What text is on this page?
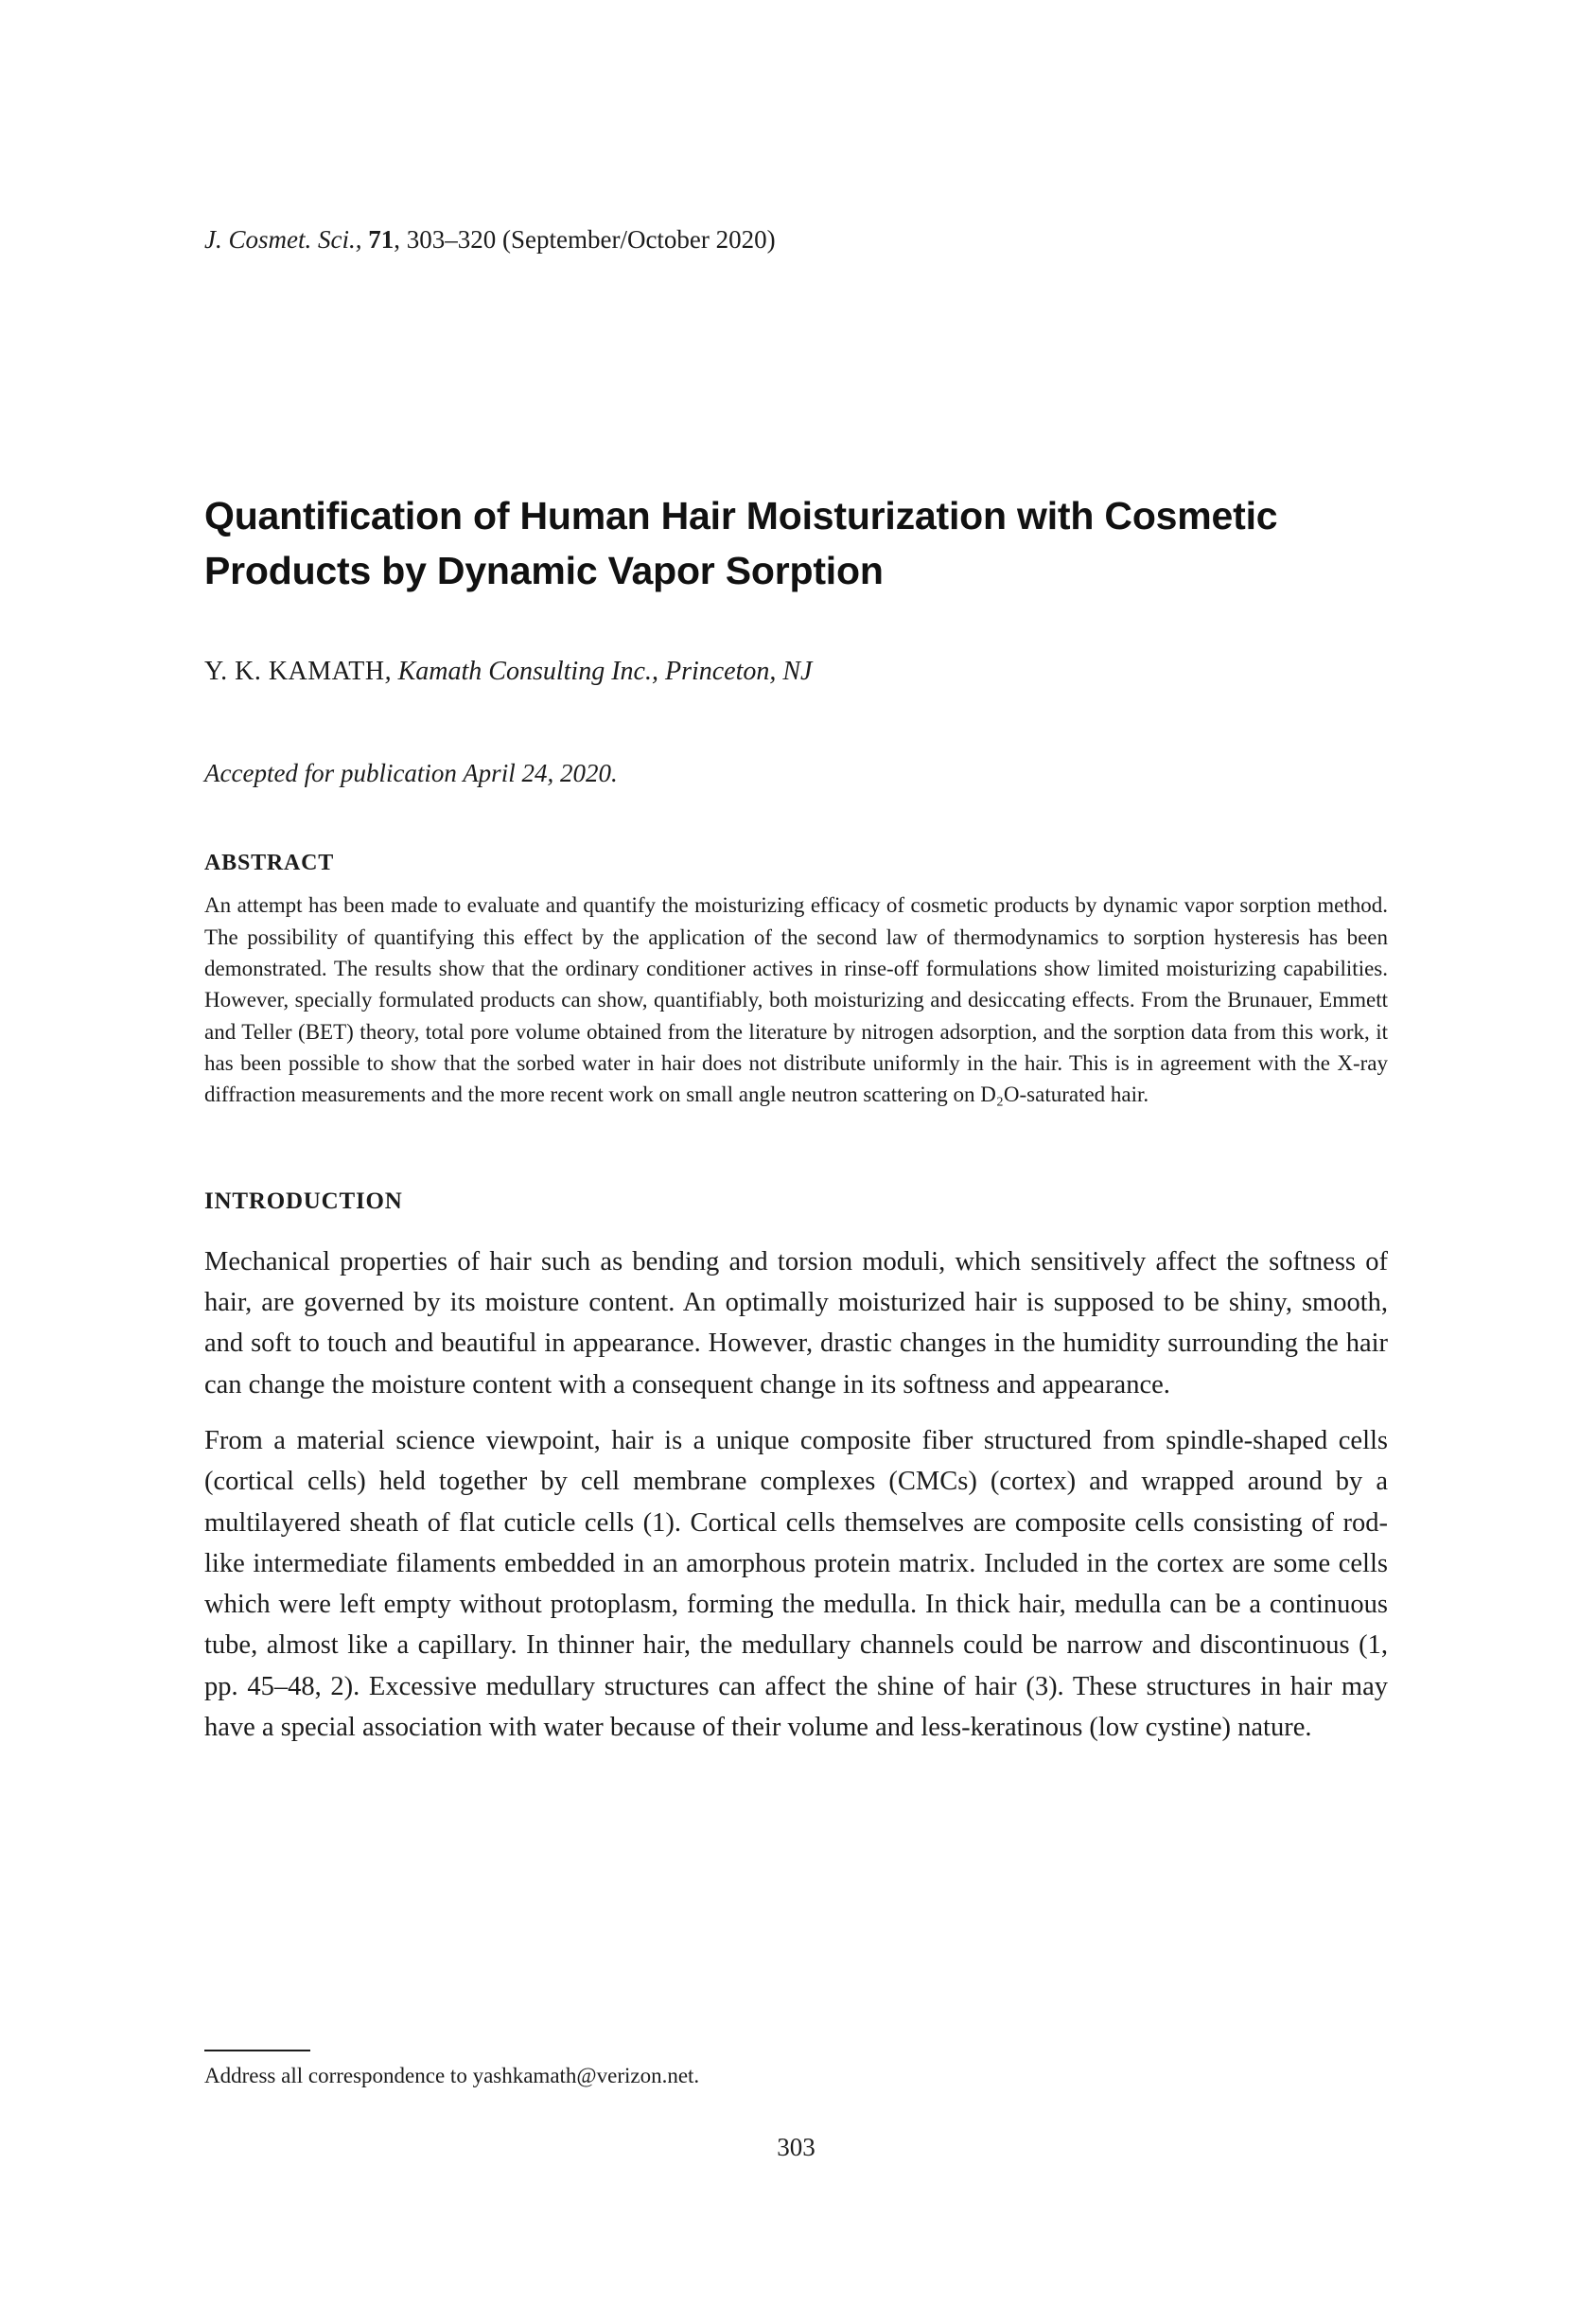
J. Cosmet. Sci., 71, 303–320 (September/October 2020)

Quantification of Human Hair Moisturization with Cosmetic Products by Dynamic Vapor Sorption

Y. K. KAMATH, Kamath Consulting Inc., Princeton, NJ

Accepted for publication April 24, 2020.

ABSTRACT

An attempt has been made to evaluate and quantify the moisturizing efficacy of cosmetic products by dynamic vapor sorption method. The possibility of quantifying this effect by the application of the second law of thermodynamics to sorption hysteresis has been demonstrated. The results show that the ordinary conditioner actives in rinse-off formulations show limited moisturizing capabilities. However, specially formulated products can show, quantifiably, both moisturizing and desiccating effects. From the Brunauer, Emmett and Teller (BET) theory, total pore volume obtained from the literature by nitrogen adsorption, and the sorption data from this work, it has been possible to show that the sorbed water in hair does not distribute uniformly in the hair. This is in agreement with the X-ray diffraction measurements and the more recent work on small angle neutron scattering on D₂O-saturated hair.

INTRODUCTION

Mechanical properties of hair such as bending and torsion moduli, which sensitively affect the softness of hair, are governed by its moisture content. An optimally moisturized hair is supposed to be shiny, smooth, and soft to touch and beautiful in appearance. However, drastic changes in the humidity surrounding the hair can change the moisture content with a consequent change in its softness and appearance.

From a material science viewpoint, hair is a unique composite fiber structured from spindle-shaped cells (cortical cells) held together by cell membrane complexes (CMCs) (cortex) and wrapped around by a multilayered sheath of flat cuticle cells (1). Cortical cells themselves are composite cells consisting of rod-like intermediate filaments embedded in an amorphous protein matrix. Included in the cortex are some cells which were left empty without protoplasm, forming the medulla. In thick hair, medulla can be a continuous tube, almost like a capillary. In thinner hair, the medullary channels could be narrow and discontinuous (1, pp. 45–48, 2). Excessive medullary structures can affect the shine of hair (3). These structures in hair may have a special association with water because of their volume and less-keratinous (low cystine) nature.

Address all correspondence to yashkamath@verizon.net.

303
